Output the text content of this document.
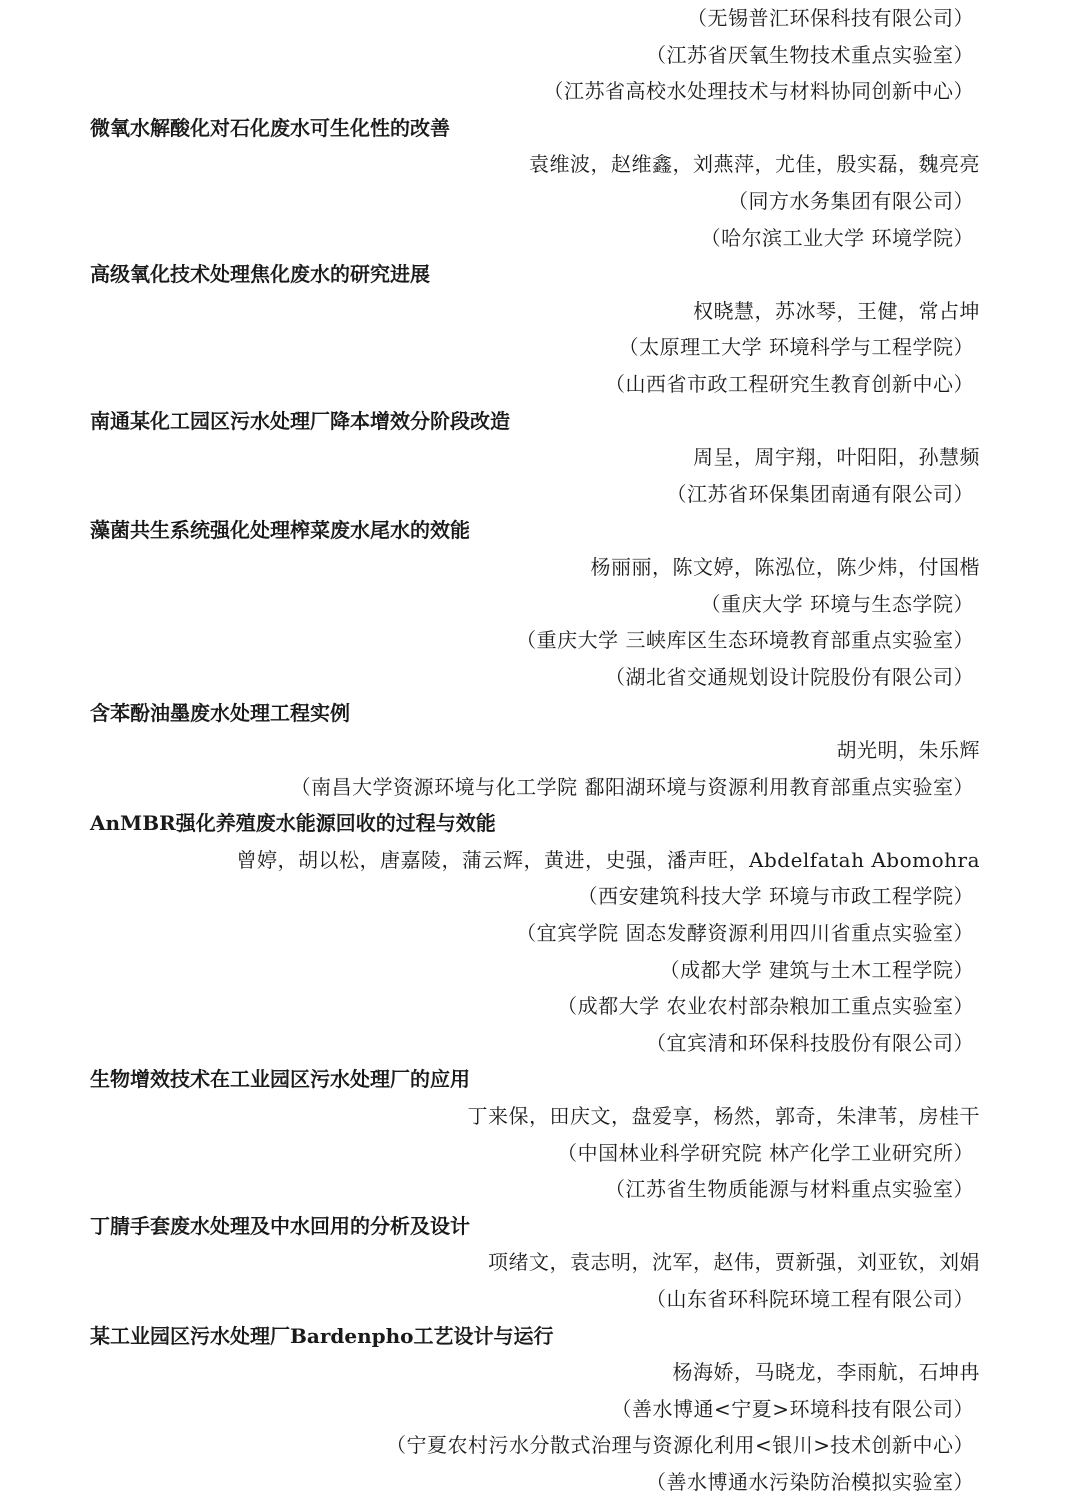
（无锡普汇环保科技有限公司）
（江苏省厌氧生物技术重点实验室）
（江苏省高校水处理技术与材料协同创新中心）
微氧水解酸化对石化废水可生化性的改善
袁维波，赵维鑫，刘燕萍，尤佳，殷实磊，魏亮亮
（同方水务集团有限公司）
（哈尔滨工业大学 环境学院）
高级氧化技术处理焦化废水的研究进展
权晓慧，苏冰琴，王健，常占坤
（太原理工大学 环境科学与工程学院）
（山西省市政工程研究生教育创新中心）
南通某化工园区污水处理厂降本增效分阶段改造
周呈，周宇翔，叶阳阳，孙慧频
（江苏省环保集团南通有限公司）
藻菌共生系统强化处理榨菜废水尾水的效能
杨丽丽，陈文婷，陈泓位，陈少炜，付国楷
（重庆大学 环境与生态学院）
（重庆大学 三峡库区生态环境教育部重点实验室）
（湖北省交通规划设计院股份有限公司）
含苯酚油墨废水处理工程实例
胡光明，朱乐辉
（南昌大学资源环境与化工学院 鄱阳湖环境与资源利用教育部重点实验室）
AnMBR强化养殖废水能源回收的过程与效能
曾婷，胡以松，唐嘉陵，蒲云辉，黄进，史强，潘声旺，Abdelfatah Abomohra
（西安建筑科技大学 环境与市政工程学院）
（宜宾学院 固态发酵资源利用四川省重点实验室）
（成都大学 建筑与土木工程学院）
（成都大学 农业农村部杂粮加工重点实验室）
（宜宾清和环保科技股份有限公司）
生物增效技术在工业园区污水处理厂的应用
丁来保，田庆文，盘爱享，杨然，郭奇，朱津苇，房桂干
（中国林业科学研究院 林产化学工业研究所）
（江苏省生物质能源与材料重点实验室）
丁腈手套废水处理及中水回用的分析及设计
项绪文，袁志明，沈军，赵伟，贾新强，刘亚钦，刘娟
（山东省环科院环境工程有限公司）
某工业园区污水处理厂Bardenpho工艺设计与运行
杨海娇，马晓龙，李雨航，石坤冉
（善水博通<宁夏>环境科技有限公司）
（宁夏农村污水分散式治理与资源化利用<银川>技术创新中心）
（善水博通水污染防治模拟实验室）
